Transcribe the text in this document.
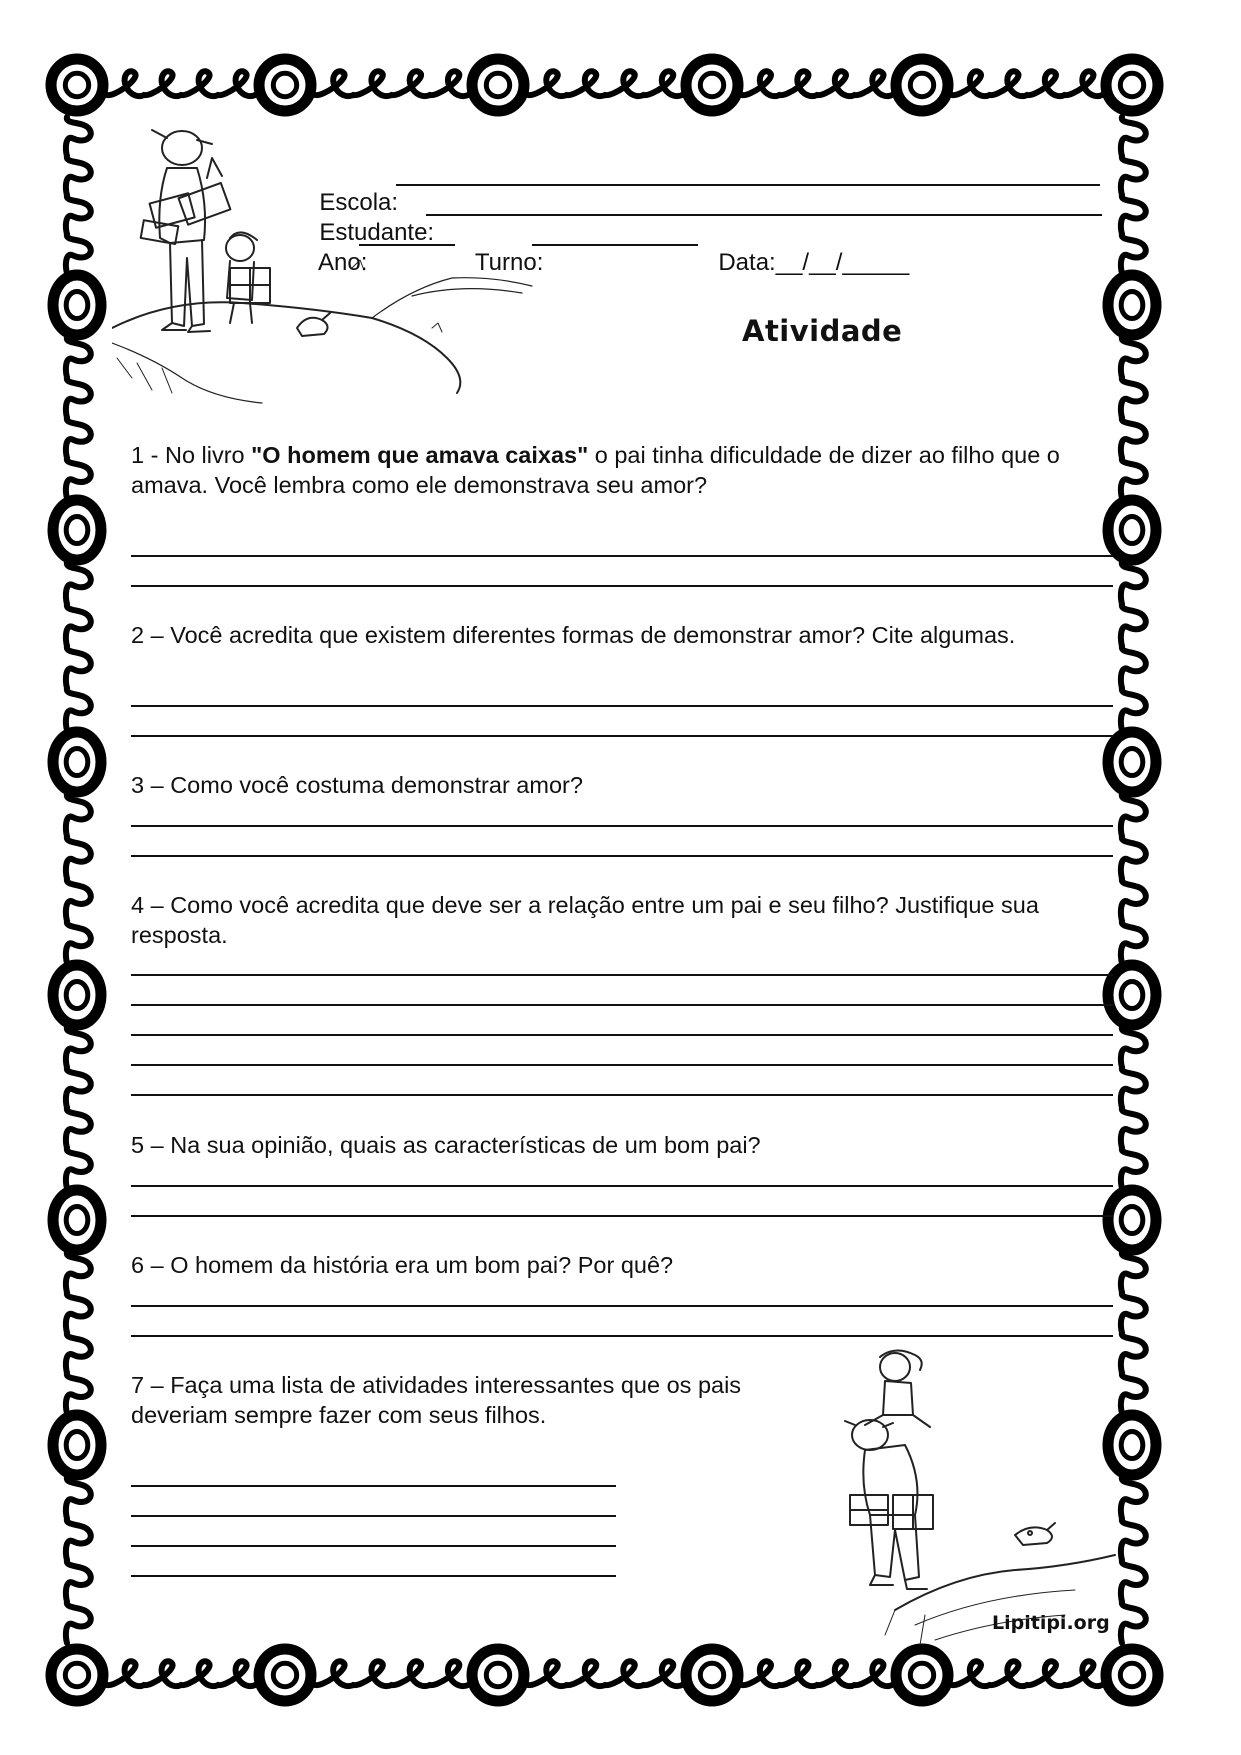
Escola:

Estudante:

Ano:	Turno:	Data:__/__/_____

Atividade
1 - No livro "O homem que amava caixas" o pai tinha dificuldade de dizer ao filho que o amava. Você lembra como ele demonstrava seu amor?
2 – Você acredita que existem diferentes formas de demonstrar amor? Cite algumas.
3 – Como você costuma demonstrar amor?
4 – Como você acredita que deve ser a relação entre um pai e seu filho? Justifique sua resposta.
5 – Na sua opinião, quais as características de um bom pai?
6 – O homem da história era um bom pai? Por quê?
7 – Faça uma lista de atividades interessantes que os pais deveriam sempre fazer com seus filhos.
Lipitipi.org
